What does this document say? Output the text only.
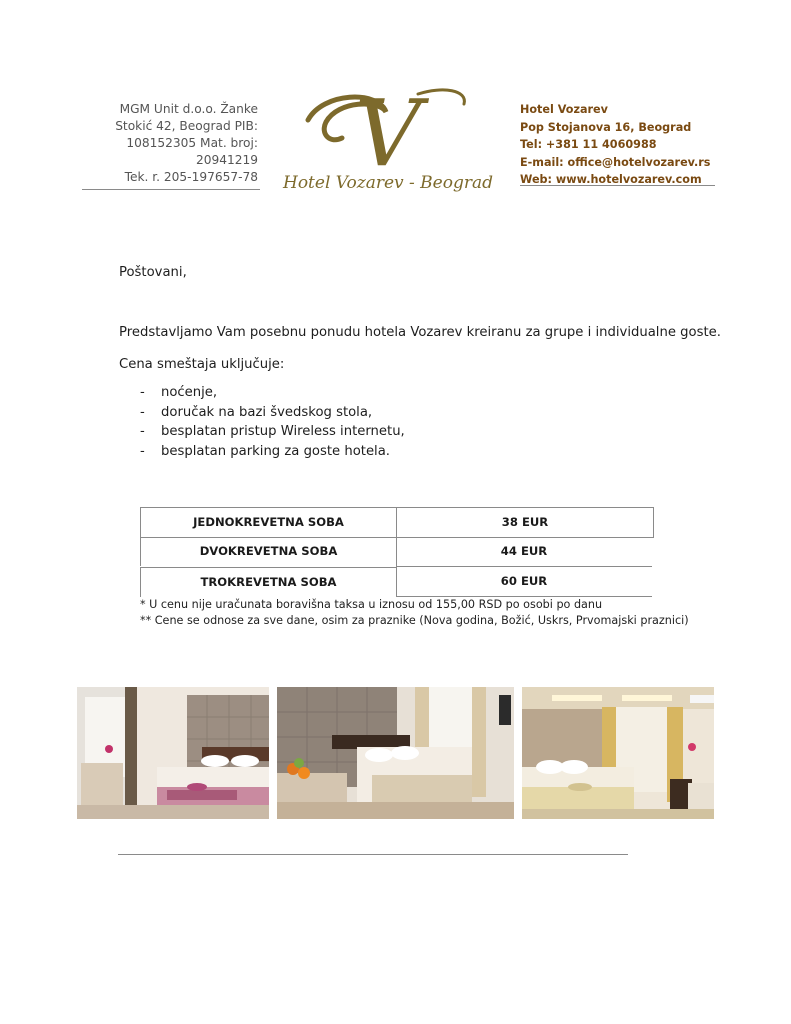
MGM Unit d.o.o. Žanke
Stokić 42, Beograd PIB:
108152305 Mat. broj:
20941219
Tek. r. 205-197657-78 V
Hotel Vozarev - Beograd
Hotel Vozarev
Pop Stojanova 16, Beograd
Tel: +381 11 4060988
E-mail: office@hotelvozarev.rs
Web: www.hotelvozarev.com
Poštovani,
Predstavljamo Vam posebnu ponudu hotela Vozarev kreiranu za grupe i individualne goste.
Cena smeštaja uključuje:
- noćenje,
- doručak na bazi švedskog stola,
- besplatan pristup Wireless internetu,
- besplatan parking za goste hotela.
JEDNOKREVETNA SOBA	38 EUR
DVOKREVETNA SOBA	44 EUR
TROKREVETNA SOBA	60 EUR
* U cenu nije uračunata boravišna taksa u iznosu od 155,00 RSD po osobi po danu
** Cene se odnose za sve dane, osim za praznike (Nova godina, Božić, Uskrs, Prvomajski praznici)
